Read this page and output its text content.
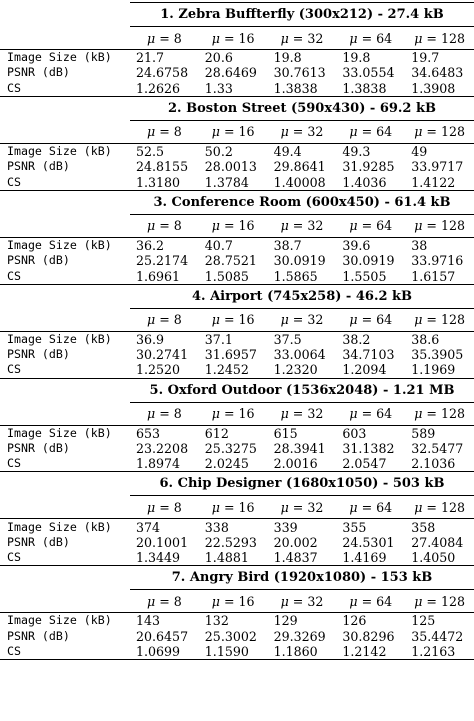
	1. Zebra Buffterfly (300x212) - 27.4 kB				
	μ = 8	μ = 16	μ = 32	μ = 64	μ = 128
Image Size (kB)	21.7	20.6	19.8	19.8	19.7
PSNR (dB)	24.6758	28.6469	30.7613	33.0554	34.6483
CS	1.2626	1.33	1.3838	1.3838	1.3908
	2. Boston Street (590x430) - 69.2 kB				
	μ = 8	μ = 16	μ = 32	μ = 64	μ = 128
Image Size (kB)	52.5	50.2	49.4	49.3	49
PSNR (dB)	24.8155	28.0013	29.8641	31.9285	33.9717
CS	1.3180	1.3784	1.40008	1.4036	1.4122
	3. Conference Room (600x450) - 61.4 kB				
	μ = 8	μ = 16	μ = 32	μ = 64	μ = 128
Image Size (kB)	36.2	40.7	38.7	39.6	38
PSNR (dB)	25.2174	28.7521	30.0919	30.0919	33.9716
CS	1.6961	1.5085	1.5865	1.5505	1.6157
	4. Airport (745x258) - 46.2 kB				
	μ = 8	μ = 16	μ = 32	μ = 64	μ = 128
Image Size (kB)	36.9	37.1	37.5	38.2	38.6
PSNR (dB)	30.2741	31.6957	33.0064	34.7103	35.3905
CS	1.2520	1.2452	1.2320	1.2094	1.1969
	5. Oxford Outdoor (1536x2048) - 1.21 MB				
	μ = 8	μ = 16	μ = 32	μ = 64	μ = 128
Image Size (kB)	653	612	615	603	589
PSNR (dB)	23.2208	25.3275	28.3941	31.1382	32.5477
CS	1.8974	2.0245	2.0016	2.0547	2.1036
	6. Chip Designer (1680x1050) - 503 kB				
	μ = 8	μ = 16	μ = 32	μ = 64	μ = 128
Image Size (kB)	374	338	339	355	358
PSNR (dB)	20.1001	22.5293	20.002	24.5301	27.4084
CS	1.3449	1.4881	1.4837	1.4169	1.4050
	7. Angry Bird (1920x1080) - 153 kB				
	μ = 8	μ = 16	μ = 32	μ = 64	μ = 128
Image Size (kB)	143	132	129	126	125
PSNR (dB)	20.6457	25.3002	29.3269	30.8296	35.4472
CS	1.0699	1.1590	1.1860	1.2142	1.2163
